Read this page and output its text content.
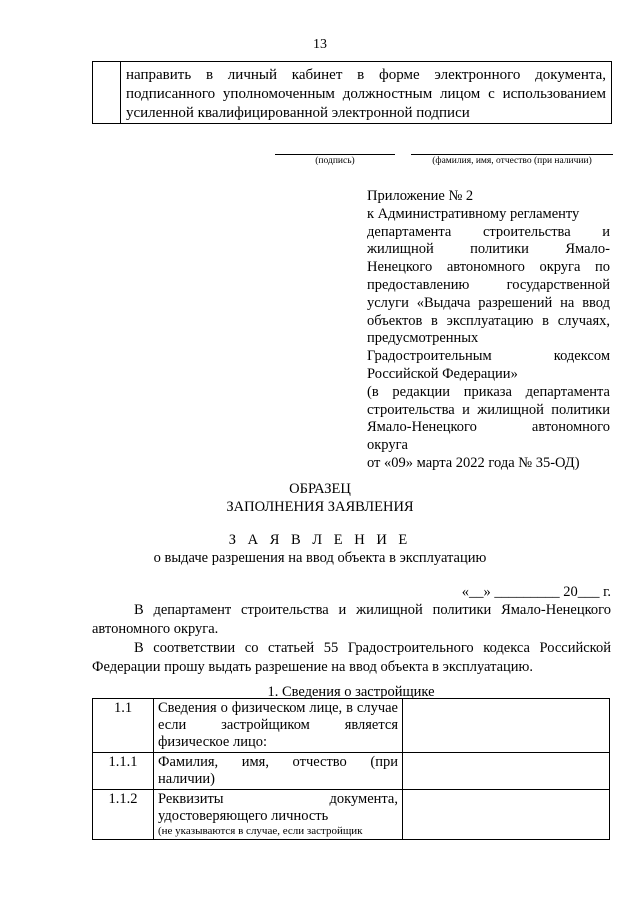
13
направить в личный кабинет в форме электронного документа,
подписанного уполномоченным должностным лицом с использованием
усиленной квалифицированной электронной подписи
(подпись)	(фамилия, имя, отчество (при наличии)
Приложение № 2
к Административному регламенту
департамента строительства и
жилищной политики Ямало-
Ненецкого автономного округа по
предоставлению государственной
услуги «Выдача разрешений на ввод
объектов в эксплуатацию в случаях,
предусмотренных
Градостроительным кодексом
Российской Федерации»
(в редакции приказа департамента
строительства и жилищной политики
Ямало-Ненецкого автономного
округа
от «09» марта 2022 года № 35-ОД)
ОБРАЗЕЦ
ЗАПОЛНЕНИЯ ЗАЯВЛЕНИЯ
З А Я В Л Е Н И Е
о выдаче разрешения на ввод объекта в эксплуатацию
«__» _________ 20___ г.
В департамент строительства и жилищной политики Ямало-Ненецкого автономного округа.
В соответствии со статьей 55 Градостроительного кодекса Российской Федерации прошу выдать разрешение на ввод объекта в эксплуатацию.
1. Сведения о застройщике
1.1	Сведения о физическом лице, в случае если застройщиком является физическое лицо:	
1.1.1	Фамилия, имя, отчество (при наличии)	
1.1.2	Реквизиты документа, удостоверяющего личность
(не указываются в случае, если застройщик	
